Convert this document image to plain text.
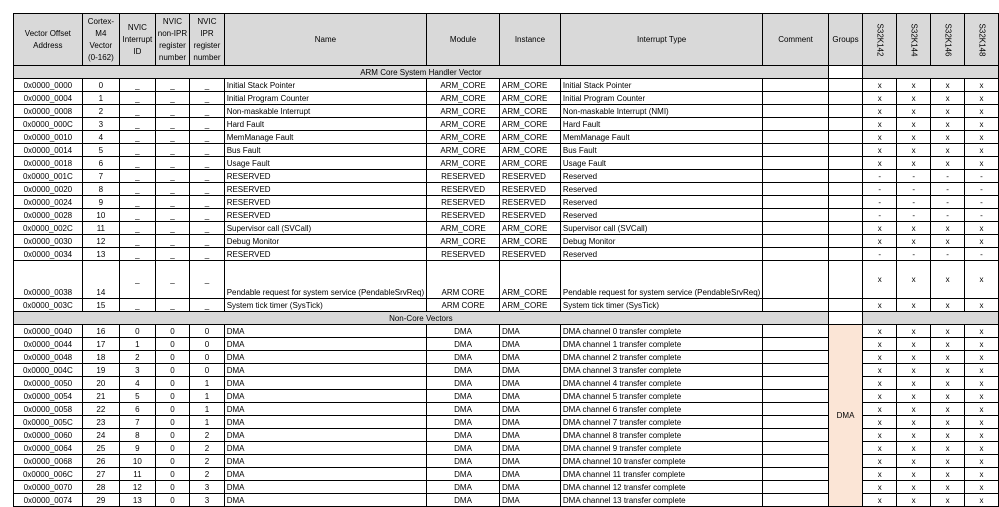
Vector Offset Address	Cortex-M4 Vector (0-162)	NVIC Interrupt ID	NVIC non-IPR register number	NVIC IPR register number	Name	Module	Instance	Interrupt Type	Comment	Groups	S32K142	S32K144	S32K146	S32K148
ARM Core System Handler Vector														
0x0000_0000	0	_	_	_	Initial Stack Pointer	ARM_CORE	ARM_CORE	Initial Stack Pointer			x	x	x	x
0x0000_0004	1	_	_	_	Initial Program Counter	ARM_CORE	ARM_CORE	Initial Program Counter			x	x	x	x
0x0000_0008	2	_	_	_	Non-maskable Interrupt	ARM_CORE	ARM_CORE	Non-maskable Interrupt (NMI)			x	x	x	x
0x0000_000C	3	_	_	_	Hard Fault	ARM_CORE	ARM_CORE	Hard Fault			x	x	x	x
0x0000_0010	4	_	_	_	MemManage Fault	ARM_CORE	ARM_CORE	MemManage Fault			x	x	x	x
0x0000_0014	5	_	_	_	Bus Fault	ARM_CORE	ARM_CORE	Bus Fault			x	x	x	x
0x0000_0018	6	_	_	_	Usage Fault	ARM_CORE	ARM_CORE	Usage Fault			x	x	x	x
0x0000_001C	7	_	_	_	RESERVED	RESERVED	RESERVED	Reserved			-	-	-	-
0x0000_0020	8	_	_	_	RESERVED	RESERVED	RESERVED	Reserved			-	-	-	-
0x0000_0024	9	_	_	_	RESERVED	RESERVED	RESERVED	Reserved			-	-	-	-
0x0000_0028	10	_	_	_	RESERVED	RESERVED	RESERVED	Reserved			-	-	-	-
0x0000_002C	11	_	_	_	Supervisor call (SVCall)	ARM_CORE	ARM_CORE	Supervisor call (SVCall)			x	x	x	x
0x0000_0030	12	_	_	_	Debug Monitor	ARM_CORE	ARM_CORE	Debug Monitor			x	x	x	x
0x0000_0034	13	_	_	_	RESERVED	RESERVED	RESERVED	Reserved			-	-	-	-
0x0000_0038	14	_	_	_	Pendable request for system service (PendableSrvReq)	ARM CORE	ARM_CORE	Pendable request for system service (PendableSrvReq)			x	x	x	x
0x0000_003C	15	_	_	_	System tick timer (SysTick)	ARM CORE	ARM_CORE	System tick timer (SysTick)			x	x	x	x
Non-Core Vectors														
0x0000_0040	16	0	0	0	DMA	DMA	DMA	DMA channel 0 transfer complete		DMA	x	x	x	x
0x0000_0044	17	1	0	0	DMA	DMA	DMA	DMA channel 1 transfer complete			x	x	x	x
0x0000_0048	18	2	0	0	DMA	DMA	DMA	DMA channel 2 transfer complete			x	x	x	x
0x0000_004C	19	3	0	0	DMA	DMA	DMA	DMA channel 3 transfer complete			x	x	x	x
0x0000_0050	20	4	0	1	DMA	DMA	DMA	DMA channel 4 transfer complete			x	x	x	x
0x0000_0054	21	5	0	1	DMA	DMA	DMA	DMA channel 5 transfer complete			x	x	x	x
0x0000_0058	22	6	0	1	DMA	DMA	DMA	DMA channel 6 transfer complete			x	x	x	x
0x0000_005C	23	7	0	1	DMA	DMA	DMA	DMA channel 7 transfer complete			x	x	x	x
0x0000_0060	24	8	0	2	DMA	DMA	DMA	DMA channel 8 transfer complete			x	x	x	x
0x0000_0064	25	9	0	2	DMA	DMA	DMA	DMA channel 9 transfer complete			x	x	x	x
0x0000_0068	26	10	0	2	DMA	DMA	DMA	DMA channel 10 transfer complete			x	x	x	x
0x0000_006C	27	11	0	2	DMA	DMA	DMA	DMA channel 11 transfer complete			x	x	x	x
0x0000_0070	28	12	0	3	DMA	DMA	DMA	DMA channel 12 transfer complete			x	x	x	x
0x0000_0074	29	13	0	3	DMA	DMA	DMA	DMA channel 13 transfer complete			x	x	x	x
